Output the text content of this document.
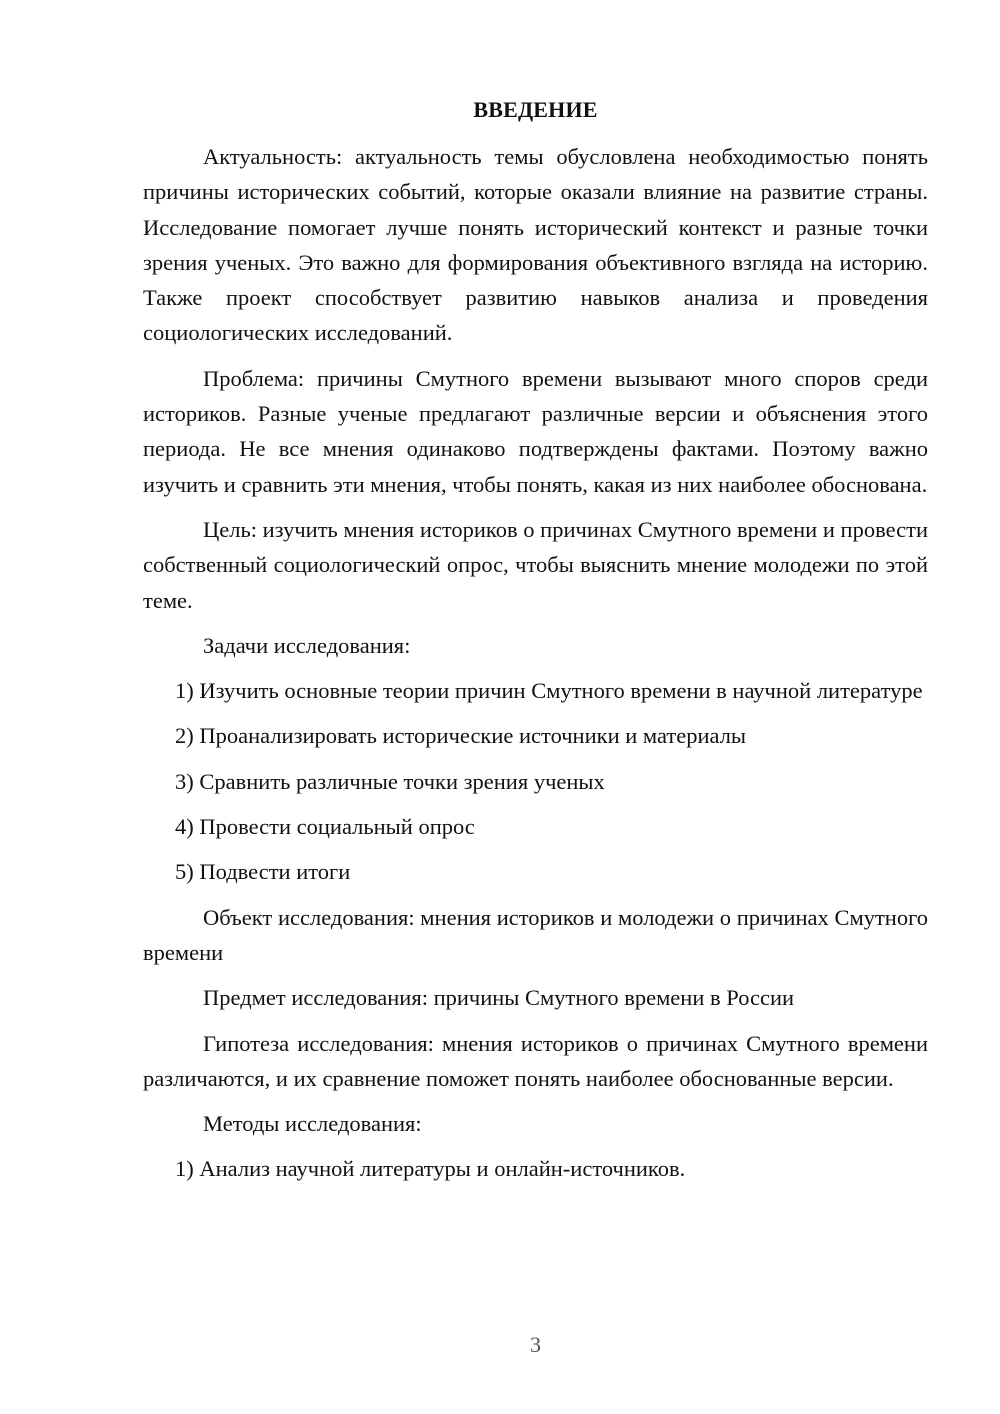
ВВЕДЕНИЕ

Актуальность: актуальность темы обусловлена необходимостью понять причины исторических событий, которые оказали влияние на развитие страны. Исследование помогает лучше понять исторический контекст и разные точки зрения ученых. Это важно для формирования объективного взгляда на историю. Также проект способствует развитию навыков анализа и проведения социологических исследований.

Проблема: причины Смутного времени вызывают много споров среди историков. Разные ученые предлагают различные версии и объяснения этого периода. Не все мнения одинаково подтверждены фактами. Поэтому важно изучить и сравнить эти мнения, чтобы понять, какая из них наиболее обоснована.

Цель: изучить мнения историков о причинах Смутного времени и провести собственный социологический опрос, чтобы выяснить мнение молодежи по этой теме.

Задачи исследования:

1) Изучить основные теории причин Смутного времени в научной литературе

2) Проанализировать исторические источники и материалы

3) Сравнить различные точки зрения ученых

4) Провести социальный опрос

5) Подвести итоги

Объект исследования: мнения историков и молодежи о причинах Смутного времени

Предмет исследования: причины Смутного времени в России

Гипотеза исследования: мнения историков о причинах Смутного времени различаются, и их сравнение поможет понять наиболее обоснованные версии.

Методы исследования:

1) Анализ научной литературы и онлайн-источников.

3
